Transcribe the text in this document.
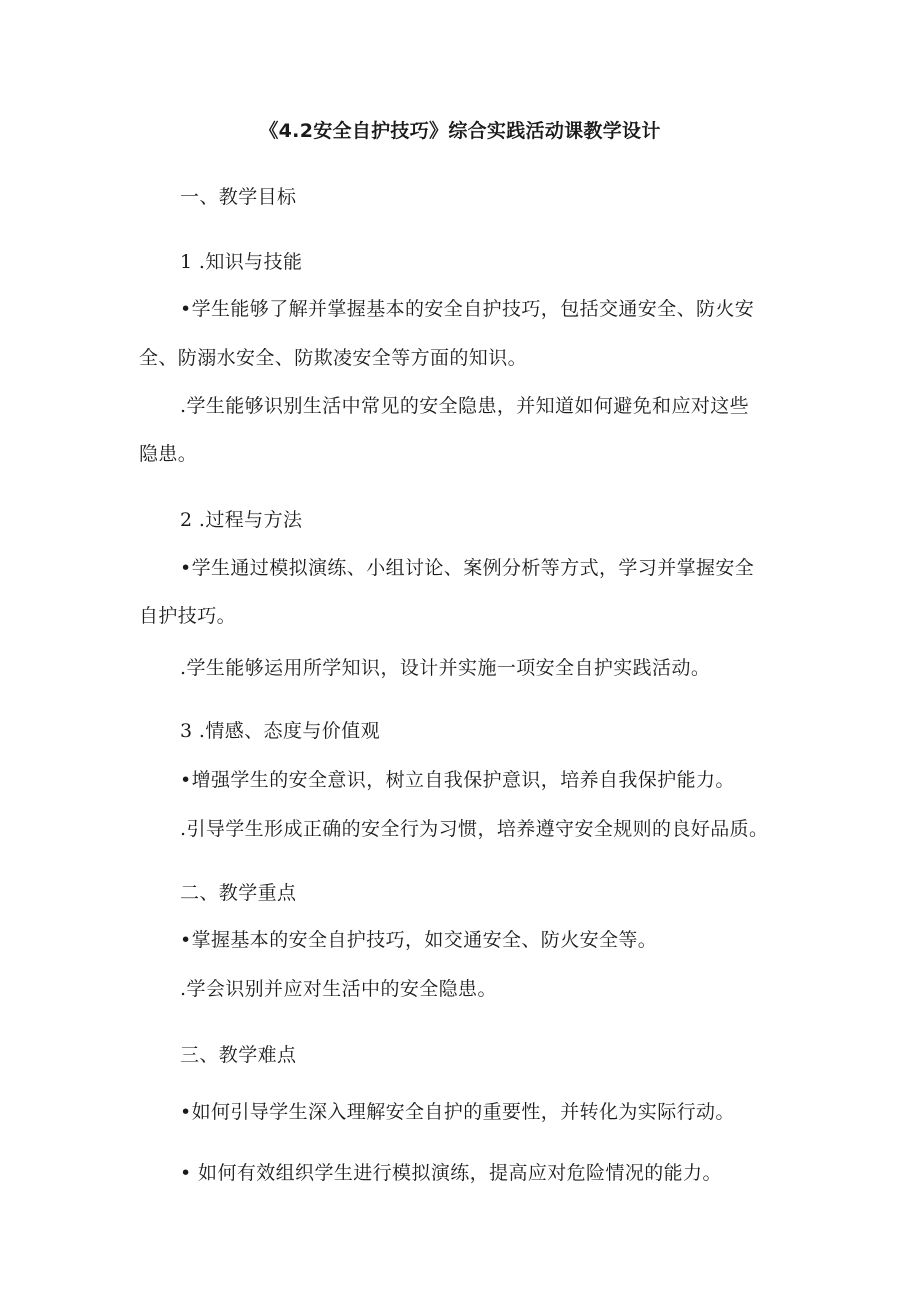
《4.2安全自护技巧》综合实践活动课教学设计
一、教学目标
1 .知识与技能
•学生能够了解并掌握基本的安全自护技巧，包括交通安全、防火安
全、防溺水安全、防欺凌安全等方面的知识。
.学生能够识别生活中常见的安全隐患，并知道如何避免和应对这些
隐患。
2 .过程与方法
•学生通过模拟演练、小组讨论、案例分析等方式，学习并掌握安全
自护技巧。
.学生能够运用所学知识，设计并实施一项安全自护实践活动。
3 .情感、态度与价值观
•增强学生的安全意识，树立自我保护意识，培养自我保护能力。
.引导学生形成正确的安全行为习惯，培养遵守安全规则的良好品质。
二、教学重点
•掌握基本的安全自护技巧，如交通安全、防火安全等。
.学会识别并应对生活中的安全隐患。
三、教学难点
•如何引导学生深入理解安全自护的重要性，并转化为实际行动。
• 如何有效组织学生进行模拟演练，提高应对危险情况的能力。
